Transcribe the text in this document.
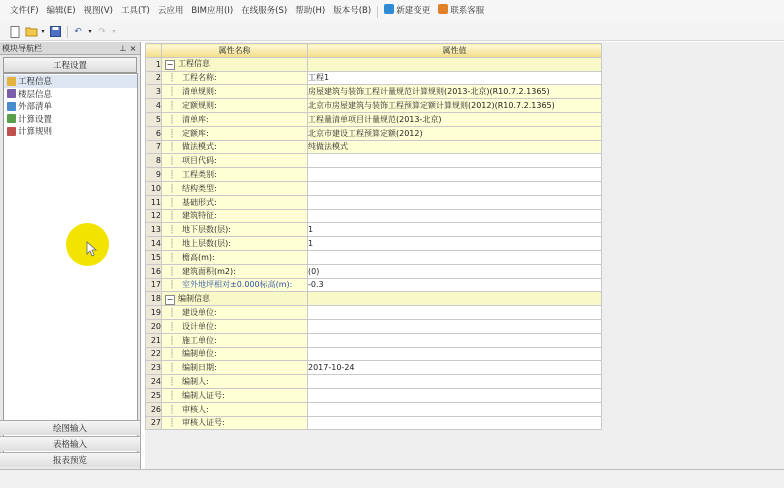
文件(F) 编辑(E) 视图(V) 工具(T) 云应用 BIM应用(I) 在线服务(S) 帮助(H) 版本号(B)	新建变更	联系客服
▾	↶	▾ ↷	▾
模块导航栏	⊥ ×
工程设置
工程信息
楼层信息
外部清单
计算设置
计算规则
绘图输入
表格输入
报表预览
	属性名称	属性值
1	− 工程信息	
2	┊ 工程名称:	工程1
3	┊ 清单规则:	房屋建筑与装饰工程计量规范计算规则(2013-北京)(R10.7.2.1365)
4	┊ 定额规则:	北京市房屋建筑与装饰工程预算定额计算规则(2012)(R10.7.2.1365)
5	┊ 清单库:	工程量清单项目计量规范(2013-北京)
6	┊ 定额库:	北京市建设工程预算定额(2012)
7	┊ 做法模式:	纯做法模式
8	┊ 项目代码:	
9	┊ 工程类别:	
10	┊ 结构类型:	
11	┊ 基础形式:	
12	┊ 建筑特征:	
13	┊ 地下层数(层):	1
14	┊ 地上层数(层):	1
15	┊ 檐高(m):	
16	┊ 建筑面积(m2):	(0)
17	┊ 室外地坪相对±0.000标高(m):	-0.3
18	− 编制信息	
19	┊ 建设单位:	
20	┊ 设计单位:	
21	┊ 施工单位:	
22	┊ 编制单位:	
23	┊ 编制日期:	2017-10-24
24	┊ 编制人:	
25	┊ 编制人证号:	
26	┊ 审核人:	
27	┊ 审核人证号:	
